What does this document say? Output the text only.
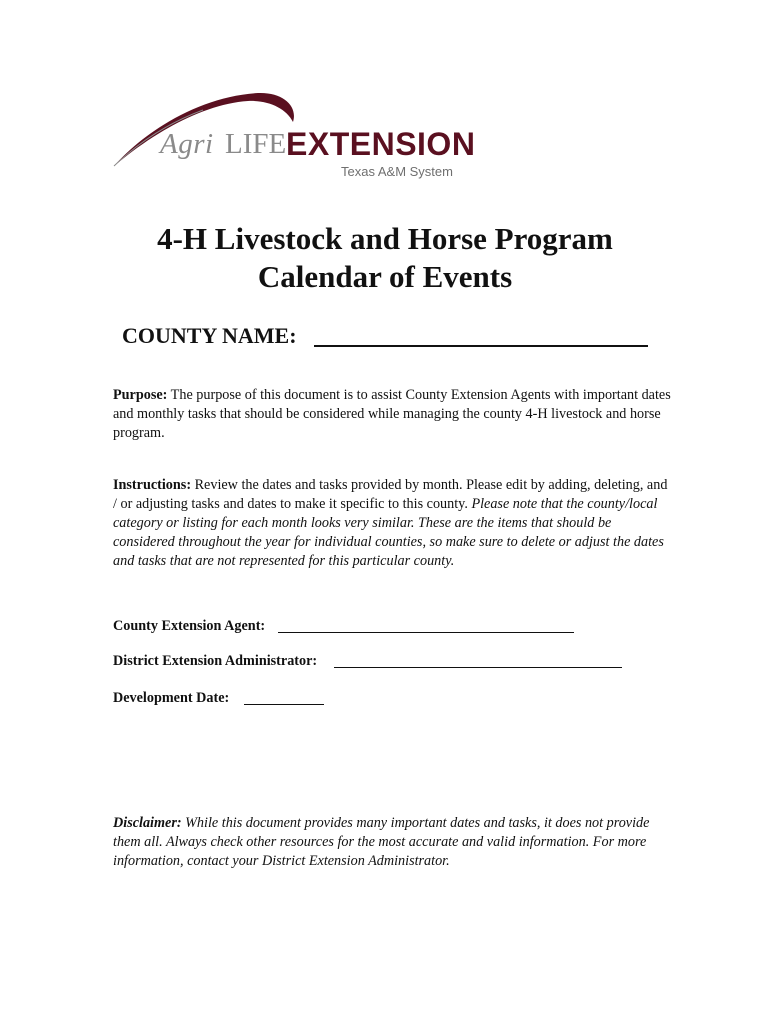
Agri LIFE EXTENSION
Texas A&M System
4-H Livestock and Horse Program
Calendar of Events

COUNTY NAME:

Purpose: The purpose of this document is to assist County Extension Agents with important dates and monthly tasks that should be considered while managing the county 4-H livestock and horse program.

Instructions: Review the dates and tasks provided by month. Please edit by adding, deleting, and / or adjusting tasks and dates to make it specific to this county. Please note that the county/local category or listing for each month looks very similar. These are the items that should be considered throughout the year for individual counties, so make sure to delete or adjust the dates and tasks that are not represented for this particular county.

County Extension Agent:

District Extension Administrator:

Development Date:

Disclaimer: While this document provides many important dates and tasks, it does not provide them all. Always check other resources for the most accurate and valid information. For more information, contact your District Extension Administrator.
